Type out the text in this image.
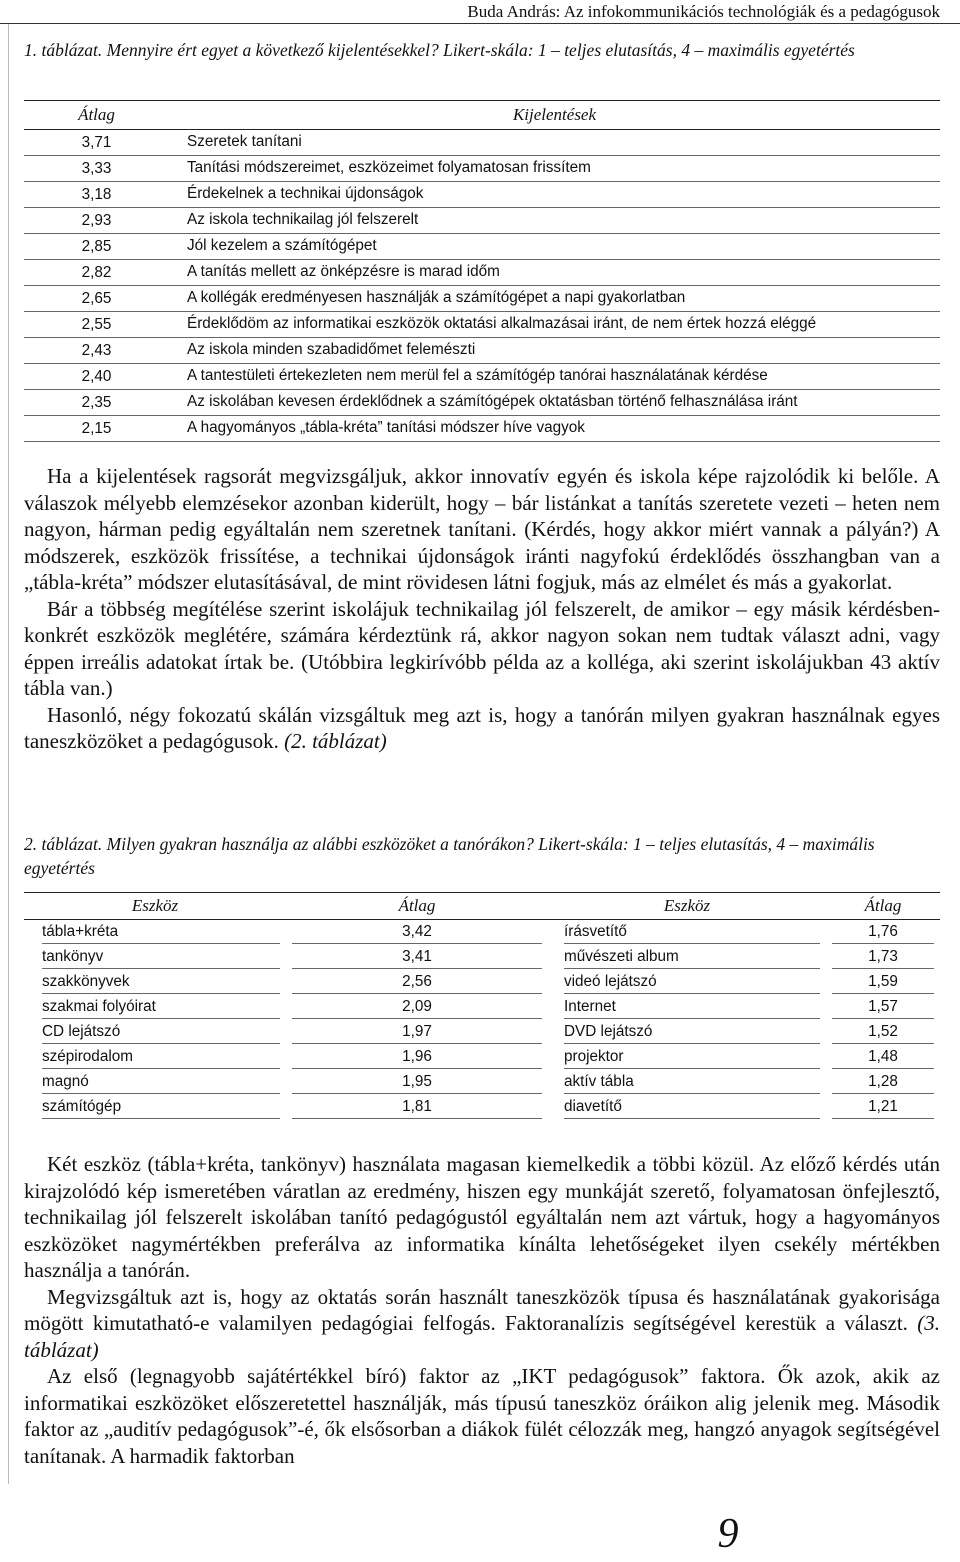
Buda András: Az infokommunikációs technológiák és a pedagógusok
1. táblázat. Mennyire ért egyet a következő kijelentésekkel? Likert-skála: 1 – teljes elutasítás, 4 – maximális egyetértés
Átlag	Kijelentések
3,71	Szeretek tanítani
3,33	Tanítási módszereimet, eszközeimet folyamatosan frissítem
3,18	Érdekelnek a technikai újdonságok
2,93	Az iskola technikailag jól felszerelt
2,85	Jól kezelem a számítógépet
2,82	A tanítás mellett az önképzésre is marad időm
2,65	A kollégák eredményesen használják a számítógépet a napi gyakorlatban
2,55	Érdeklődöm az informatikai eszközök oktatási alkalmazásai iránt, de nem értek hozzá eléggé
2,43	Az iskola minden szabadidőmet felemészti
2,40	A tantestületi értekezleten nem merül fel a számítógép tanórai használatának kérdése
2,35	Az iskolában kevesen érdeklődnek a számítógépek oktatásban történő felhasználása iránt
2,15	A hagyományos „tábla-kréta” tanítási módszer híve vagyok

Ha a kijelentések ragsorát megvizsgáljuk, akkor innovatív egyén és iskola képe rajzolódik ki belőle. A válaszok mélyebb elemzésekor azonban kiderült, hogy – bár listánkat a tanítás szeretete vezeti – heten nem nagyon, hárman pedig egyáltalán nem szeretnek tanítani. (Kérdés, hogy akkor miért vannak a pályán?) A módszerek, eszközök frissítése, a technikai újdonságok iránti nagyfokú érdeklődés összhangban van a „tábla-kréta” módszer elutasításával, de mint rövidesen látni fogjuk, más az elmélet és más a gyakorlat.

Bár a többség megítélése szerint iskolájuk technikailag jól felszerelt, de amikor – egy másik kérdésben- konkrét eszközök meglétére, számára kérdeztünk rá, akkor nagyon sokan nem tudtak választ adni, vagy éppen irreális adatokat írtak be. (Utóbbira legkirívóbb példa az a kolléga, aki szerint iskolájukban 43 aktív tábla van.)

Hasonló, négy fokozatú skálán vizsgáltuk meg azt is, hogy a tanórán milyen gyakran használnak egyes taneszközöket a pedagógusok. (2. táblázat)

2. táblázat. Milyen gyakran használja az alábbi eszközöket a tanórákon? Likert-skála: 1 – teljes elutasítás, 4 – maximális egyetértés
Eszköz	Átlag	Eszköz	Átlag
tábla+kréta	3,42	írásvetítő	1,76
tankönyv	3,41	művészeti album	1,73
szakkönyvek	2,56	videó lejátszó	1,59
szakmai folyóirat	2,09	Internet	1,57
CD lejátszó	1,97	DVD lejátszó	1,52
szépirodalom	1,96	projektor	1,48
magnó	1,95	aktív tábla	1,28
számítógép	1,81	diavetítő	1,21

Két eszköz (tábla+kréta, tankönyv) használata magasan kiemelkedik a többi közül. Az előző kérdés után kirajzolódó kép ismeretében váratlan az eredmény, hiszen egy munkáját szerető, folyamatosan önfejlesztő, technikailag jól felszerelt iskolában tanító pedagógustól egyáltalán nem azt vártuk, hogy a hagyományos eszközöket nagymértékben preferálva az informatika kínálta lehetőségeket ilyen csekély mértékben használja a tanórán.

Megvizsgáltuk azt is, hogy az oktatás során használt taneszközök típusa és használatának gyakorisága mögött kimutatható-e valamilyen pedagógiai felfogás. Faktoranalízis segítségével kerestük a választ. (3. táblázat)

Az első (legnagyobb sajátértékkel bíró) faktor az „IKT pedagógusok” faktora. Ők azok, akik az informatikai eszközöket előszeretettel használják, más típusú taneszköz óráikon alig jelenik meg. Második faktor az „auditív pedagógusok”-é, ők elsősorban a diákok fülét célozzák meg, hangzó anyagok segítségével tanítanak. A harmadik faktorban

9
